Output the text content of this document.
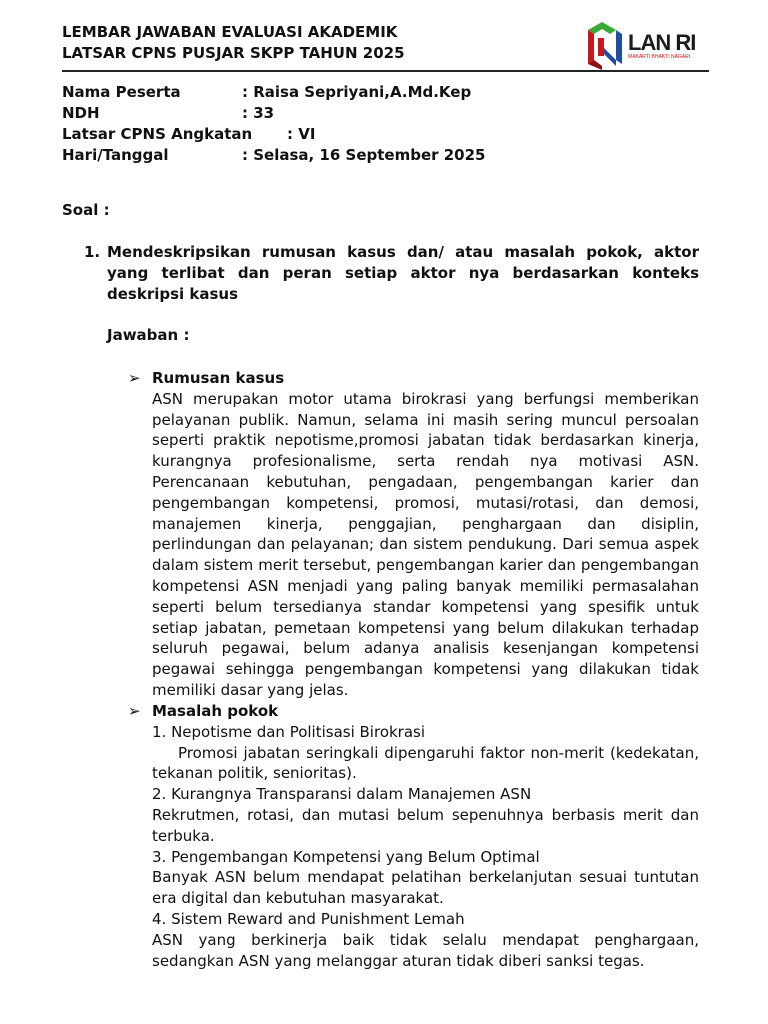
LEMBAR JAWABAN EVALUASI AKADEMIK
LATSAR CPNS PUSJAR SKPP TAHUN 2025	LAN RI
MAKARTI BHAKTI NAGARI
Nama Peserta	: Raisa Sepriyani,A.Md.Kep
NDH	: 33
Latsar CPNS Angkatan : VI
Hari/Tanggal	: Selasa, 16 September 2025
Soal :
1. Mendeskripsikan rumusan kasus dan/ atau masalah pokok, aktor yang terlibat dan peran setiap aktor nya berdasarkan konteks deskripsi kasus
Jawaban :
➢ Rumusan kasus
ASN merupakan motor utama birokrasi yang berfungsi memberikan pelayanan publik. Namun, selama ini masih sering muncul persoalan seperti praktik nepotisme,promosi jabatan tidak berdasarkan kinerja, kurangnya profesionalisme, serta rendah nya motivasi ASN. Perencanaan kebutuhan, pengadaan, pengembangan karier dan pengembangan kompetensi, promosi, mutasi/rotasi, dan demosi, manajemen kinerja, penggajian, penghargaan dan disiplin, perlindungan dan pelayanan; dan sistem pendukung. Dari semua aspek dalam sistem merit tersebut, pengembangan karier dan pengembangan kompetensi ASN menjadi yang paling banyak memiliki permasalahan seperti belum tersedianya standar kompetensi yang spesifik untuk setiap jabatan, pemetaan kompetensi yang belum dilakukan terhadap seluruh pegawai, belum adanya analisis kesenjangan kompetensi pegawai sehingga pengembangan kompetensi yang dilakukan tidak memiliki dasar yang jelas.
➢ Masalah pokok
1. Nepotisme dan Politisasi Birokrasi
Promosi jabatan seringkali dipengaruhi faktor non-merit (kedekatan, tekanan politik, senioritas).
2. Kurangnya Transparansi dalam Manajemen ASN
Rekrutmen, rotasi, dan mutasi belum sepenuhnya berbasis merit dan terbuka.
3. Pengembangan Kompetensi yang Belum Optimal
Banyak ASN belum mendapat pelatihan berkelanjutan sesuai tuntutan era digital dan kebutuhan masyarakat.
4. Sistem Reward and Punishment Lemah
ASN yang berkinerja baik tidak selalu mendapat penghargaan, sedangkan ASN yang melanggar aturan tidak diberi sanksi tegas.
